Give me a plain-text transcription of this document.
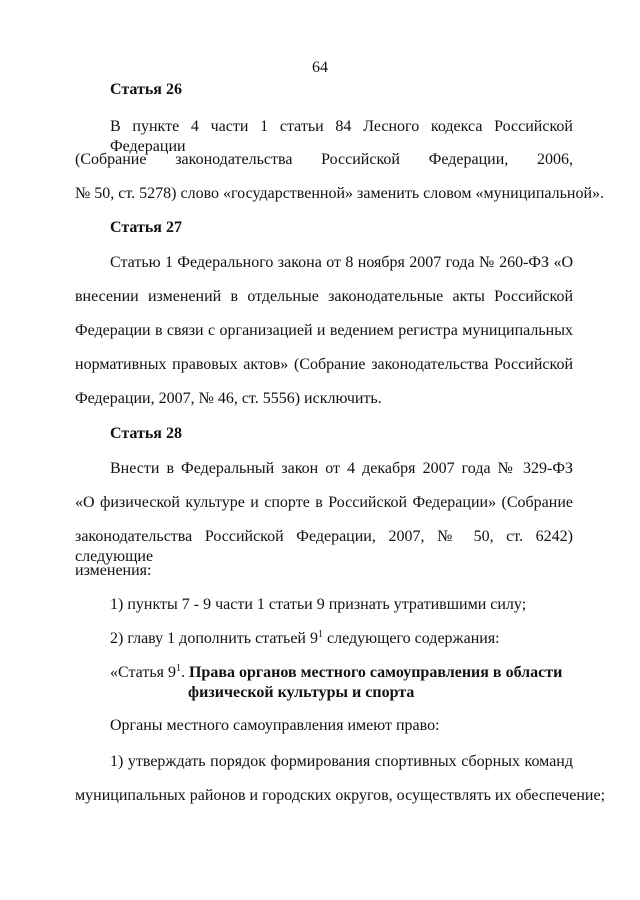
64
Статья 26
В пункте 4 части 1 статьи 84 Лесного кодекса Российской Федерации
(Собрание законодательства Российской Федерации, 2006,
№ 50, ст. 5278) слово «государственной» заменить словом «муниципальной».
Статья 27
Статью 1 Федерального закона от 8 ноября 2007 года № 260-ФЗ «О
внесении изменений в отдельные законодательные акты Российской
Федерации в связи с организацией и ведением регистра муниципальных
нормативных правовых актов» (Собрание законодательства Российской
Федерации, 2007, № 46, ст. 5556) исключить.
Статья 28
Внести в Федеральный закон от 4 декабря 2007 года № 329-ФЗ
«О физической культуре и спорте в Российской Федерации» (Собрание
законодательства Российской Федерации, 2007, № 50, ст. 6242) следующие
изменения:
1) пункты 7 - 9 части 1 статьи 9 признать утратившими силу;
2) главу 1 дополнить статьей $9^1$ следующего содержания:
«Статья $9^1$. Права органов местного самоуправления в области
физической культуры и спорта
Органы местного самоуправления имеют право:
1) утверждать порядок формирования спортивных сборных команд
муниципальных районов и городских округов, осуществлять их обеспечение;
